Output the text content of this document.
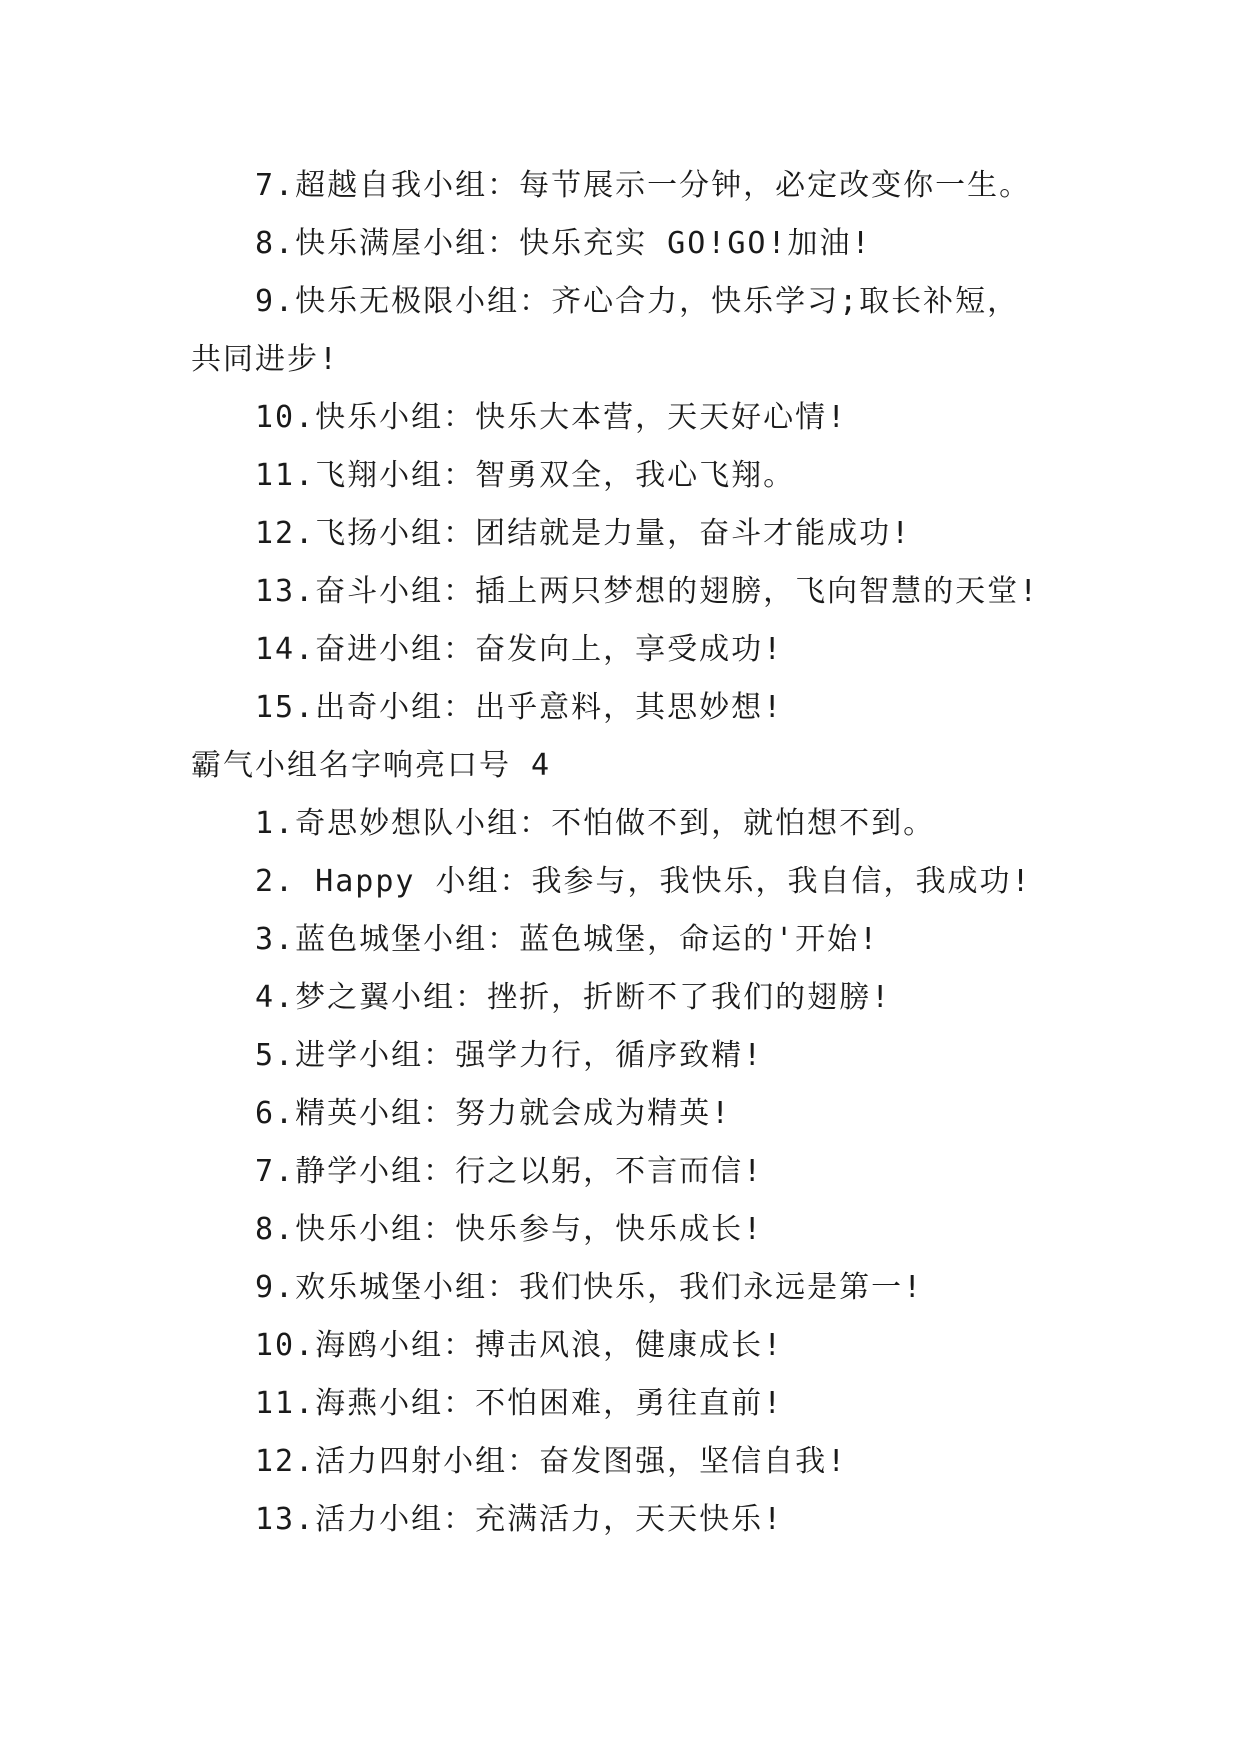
7.超越自我小组：每节展示一分钟，必定改变你一生。
8.快乐满屋小组：快乐充实 GO!GO!加油!
9.快乐无极限小组：齐心合力，快乐学习;取长补短，
共同进步!
10.快乐小组：快乐大本营，天天好心情!
11.飞翔小组：智勇双全，我心飞翔。
12.飞扬小组：团结就是力量，奋斗才能成功!
13.奋斗小组：插上两只梦想的翅膀，飞向智慧的天堂!
14.奋进小组：奋发向上，享受成功!
15.出奇小组：出乎意料，其思妙想!
霸气小组名字响亮口号 4
1.奇思妙想队小组：不怕做不到，就怕想不到。
2. Happy 小组：我参与，我快乐，我自信，我成功!
3.蓝色城堡小组：蓝色城堡，命运的'开始!
4.梦之翼小组：挫折，折断不了我们的翅膀!
5.进学小组：强学力行，循序致精!
6.精英小组：努力就会成为精英!
7.静学小组：行之以躬，不言而信!
8.快乐小组：快乐参与，快乐成长!
9.欢乐城堡小组：我们快乐，我们永远是第一!
10.海鸥小组：搏击风浪，健康成长!
11.海燕小组：不怕困难，勇往直前!
12.活力四射小组：奋发图强，坚信自我!
13.活力小组：充满活力，天天快乐!
